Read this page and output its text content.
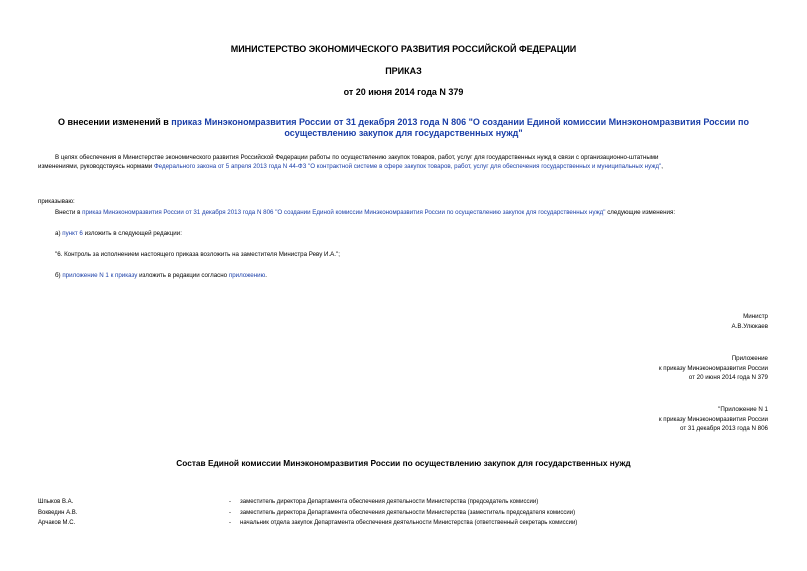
МИНИСТЕРСТВО ЭКОНОМИЧЕСКОГО РАЗВИТИЯ РОССИЙСКОЙ ФЕДЕРАЦИИ
ПРИКАЗ
от 20 июня 2014 года N 379
О внесении изменений в приказ Минэкономразвития России от 31 декабря 2013 года N 806 "О создании Единой комиссии Минэкономразвития России по
осуществлению закупок для государственных нужд"
В целях обеспечения в Министерстве экономического развития Российской Федерации работы по осуществлению закупок товаров, работ, услуг для государственных нужд в связи с организационно-штатными
изменениями, руководствуясь нормами Федерального закона от 5 апреля 2013 года N 44-ФЗ "О контрактной системе в сфере закупок товаров, работ, услуг для обеспечения государственных и муниципальных нужд",
приказываю:
Внести в приказ Минэкономразвития России от 31 декабря 2013 года N 806 "О создании Единой комиссии Минэкономразвития России по осуществлению закупок для государственных нужд" следующие изменения:
а) пункт 6 изложить в следующей редакции:
"6. Контроль за исполнением настоящего приказа возложить на заместителя Министра Реву И.А.";
б) приложение N 1 к приказу изложить в редакции согласно приложению.
Министр
А.В.Улюкаев
Приложение
к приказу Минэкономразвития России
от 20 июня 2014 года N 379
"Приложение N 1
к приказу Минэкономразвития России
от 31 декабря 2013 года N 806
Состав Единой комиссии Минэкономразвития России по осуществлению закупок для государственных нужд
Шпыков В.А.	- заместитель директора Департамента обеспечения деятельности Министерства (председатель комиссии)
Вокведин А.В.	- заместитель директора Департамента обеспечения деятельности Министерства (заместитель председателя комиссии)
Арчаков М.С.	- начальник отдела закупок Департамента обеспечения деятельности Министерства (ответственный секретарь комиссии)
